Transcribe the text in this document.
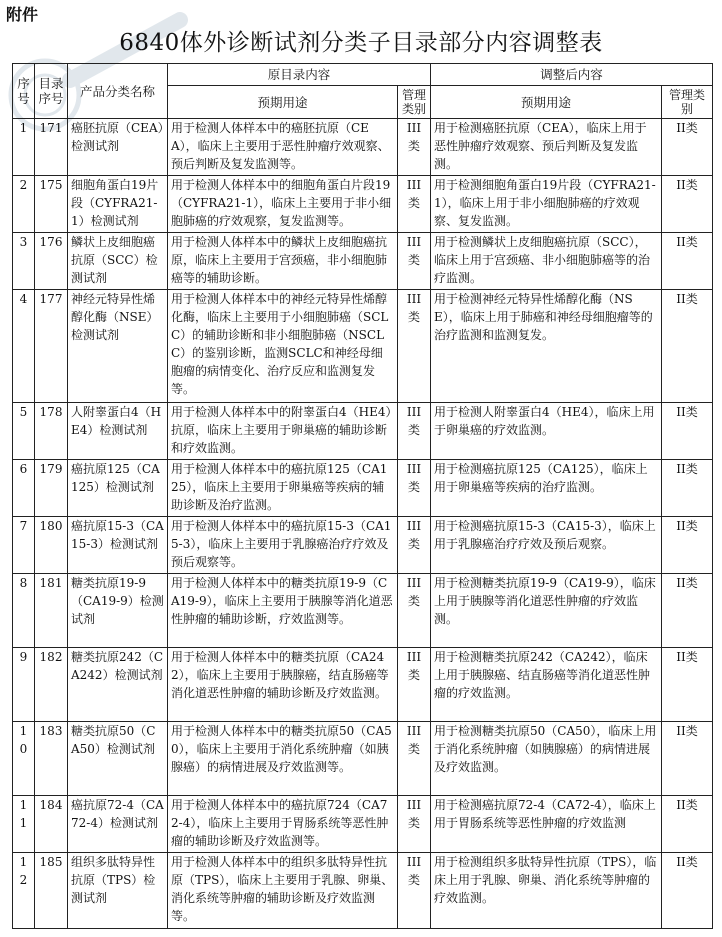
附件
6840体外诊断试剂分类子目录部分内容调整表
序号	目录序号	产品分类名称	原目录内容		调整后内容	
			预期用途	管理类别	预期用途	管理类别
1	171	癌胚抗原（CEA）检测试剂	用于检测人体样本中的癌胚抗原（CEA），临床上主要用于恶性肿瘤疗效观察、预后判断及复发监测等。	III类	用于检测癌胚抗原（CEA），临床上用于恶性肿瘤疗效观察、预后判断及复发监测。	II类
2	175	细胞角蛋白19片段（CYFRA21-1）检测试剂	用于检测人体样本中的细胞角蛋白片段19（CYFRA21-1），临床上主要用于非小细胞肺癌的疗效观察，复发监测等。	III类	用于检测细胞角蛋白19片段（CYFRA21-1），临床上用于非小细胞肺癌的疗效观察、复发监测。	II类
3	176	鳞状上皮细胞癌抗原（SCC）检测试剂	用于检测人体样本中的鳞状上皮细胞癌抗原，临床上主要用于宫颈癌，非小细胞肺癌等的辅助诊断。	III类	用于检测鳞状上皮细胞癌抗原（SCC），临床上用于宫颈癌、非小细胞肺癌等的治疗监测。	II类
4	177	神经元特异性烯醇化酶（NSE）检测试剂	用于检测人体样本中的神经元特异性烯醇化酶，临床上主要用于小细胞肺癌（SCLC）的辅助诊断和非小细胞肺癌（NSCLC）的鉴别诊断，监测SCLC和神经母细胞瘤的病情变化、治疗反应和监测复发等。	III类	用于检测神经元特异性烯醇化酶（NSE），临床上用于肺癌和神经母细胞瘤等的治疗监测和监测复发。	II类
5	178	人附睾蛋白4（HE4）检测试剂	用于检测人体样本中的附睾蛋白4（HE4）抗原，临床上主要用于卵巢癌的辅助诊断和疗效监测。	III类	用于检测人附睾蛋白4（HE4），临床上用于卵巢癌的疗效监测。	II类
6	179	癌抗原125（CA125）检测试剂	用于检测人体样本中的癌抗原125（CA125），临床上主要用于卵巢癌等疾病的辅助诊断及治疗监测。	III类	用于检测癌抗原125（CA125），临床上用于卵巢癌等疾病的治疗监测。	II类
7	180	癌抗原15-3（CA15-3）检测试剂	用于检测人体样本中的癌抗原15-3（CA15-3），临床上主要用于乳腺癌治疗疗效及预后观察等。	III类	用于检测癌抗原15-3（CA15-3），临床上用于乳腺癌治疗疗效及预后观察。	II类
8	181	糖类抗原19-9（CA19-9）检测试剂	用于检测人体样本中的糖类抗原19-9（CA19-9），临床上主要用于胰腺等消化道恶性肿瘤的辅助诊断，疗效监测等。	III类	用于检测糖类抗原19-9（CA19-9），临床上用于胰腺等消化道恶性肿瘤的疗效监测。	II类
9	182	糖类抗原242（CA242）检测试剂	用于检测人体样本中的糖类抗原（CA242），临床上主要用于胰腺癌，结直肠癌等消化道恶性肿瘤的辅助诊断及疗效监测。	III类	用于检测糖类抗原242（CA242），临床上用于胰腺癌、结直肠癌等消化道恶性肿瘤的疗效监测。	II类
10	183	糖类抗原50（CA50）检测试剂	用于检测人体样本中的糖类抗原50（CA50），临床上主要用于消化系统肿瘤（如胰腺癌）的病情进展及疗效监测等。	III类	用于检测糖类抗原50（CA50），临床上用于消化系统肿瘤（如胰腺癌）的病情进展及疗效监测。	II类
11	184	癌抗原72-4（CA72-4）检测试剂	用于检测人体样本中的癌抗原724（CA72-4），临床上主要用于胃肠系统等恶性肿瘤的辅助诊断及疗效监测等。	III类	用于检测癌抗原72-4（CA72-4），临床上用于胃肠系统等恶性肿瘤的疗效监测	II类
12	185	组织多肽特异性抗原（TPS）检测试剂	用于检测人体样本中的组织多肽特异性抗原（TPS），临床上主要用于乳腺、卵巢、消化系统等肿瘤的辅助诊断及疗效监测等。	III类	用于检测组织多肽特异性抗原（TPS），临床上用于乳腺、卵巢、消化系统等肿瘤的疗效监测。	II类
